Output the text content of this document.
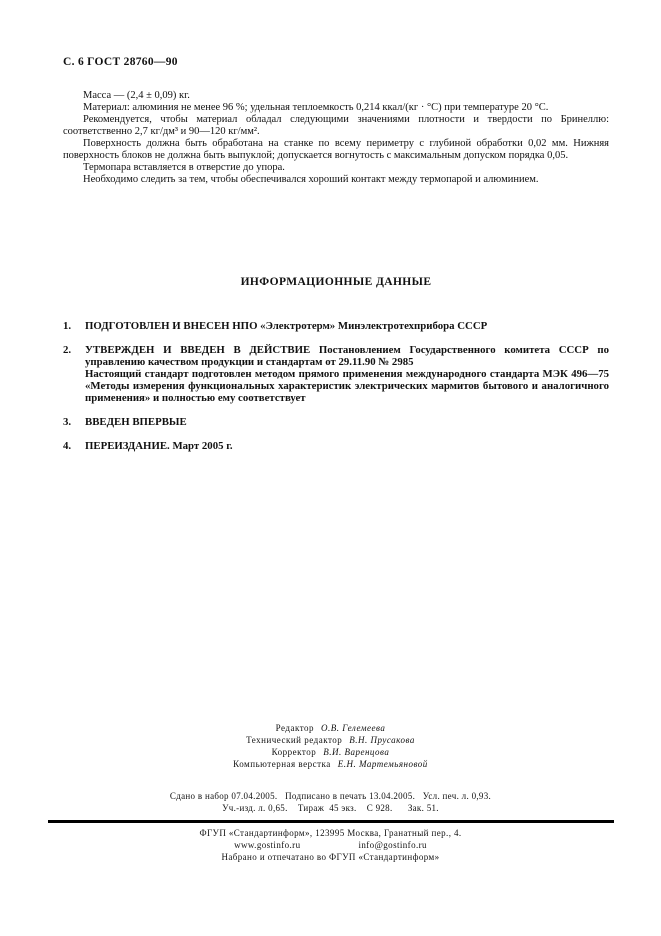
С. 6 ГОСТ 28760—90

Масса — (2,4 ± 0,09) кг.

Материал: алюминия не менее 96 %; удельная теплоемкость 0,214 ккал/(кг · °С) при температуре 20 °С.

Рекомендуется, чтобы материал обладал следующими значениями плотности и твердости по Бринеллю: соответственно 2,7 кг/дм³ и 90—120 кг/мм².

Поверхность должна быть обработана на станке по всему периметру с глубиной обработки 0,02 мм. Нижняя поверхность блоков не должна быть выпуклой; допускается вогнутость с максимальным допуском порядка 0,05.

Термопара вставляется в отверстие до упора.

Необходимо следить за тем, чтобы обеспечивался хороший контакт между термопарой и алюминием.

ИНФОРМАЦИОННЫЕ ДАННЫЕ
1.	ПОДГОТОВЛЕН И ВНЕСЕН НПО «Электротерм» Минэлектротехприбора СССР

2.	УТВЕРЖДЕН И ВВЕДЕН В ДЕЙСТВИЕ Постановлением Государственного комитета СССР по управлению качеством продукции и стандартам от 29.11.90 № 2985

Настоящий стандарт подготовлен методом прямого применения международного стандарта МЭК 496—75 «Методы измерения функциональных характеристик электрических мармитов бытового и аналогичного применения» и полностью ему соответствует

3.	ВВЕДЕН ВПЕРВЫЕ

4.	ПЕРЕИЗДАНИЕ. Март 2005 г.

Редактор О.В. Гелемеева
Технический редактор В.Н. Прусакова
Корректор В.И. Варенцова
Компьютерная верстка Е.Н. Мартемьяновой
Сдано в набор 07.04.2005.   Подписано в печать 13.04.2005.   Усл. печ. л. 0,93.
Уч.-изд. л. 0,65.    Тираж  45 экз.    С 928.      Зак. 51.
ФГУП «Стандартинформ», 123995 Москва, Гранатный пер., 4.
www.gostinfo.ru	info@gostinfo.ru
Набрано и отпечатано во ФГУП «Стандартинформ»
